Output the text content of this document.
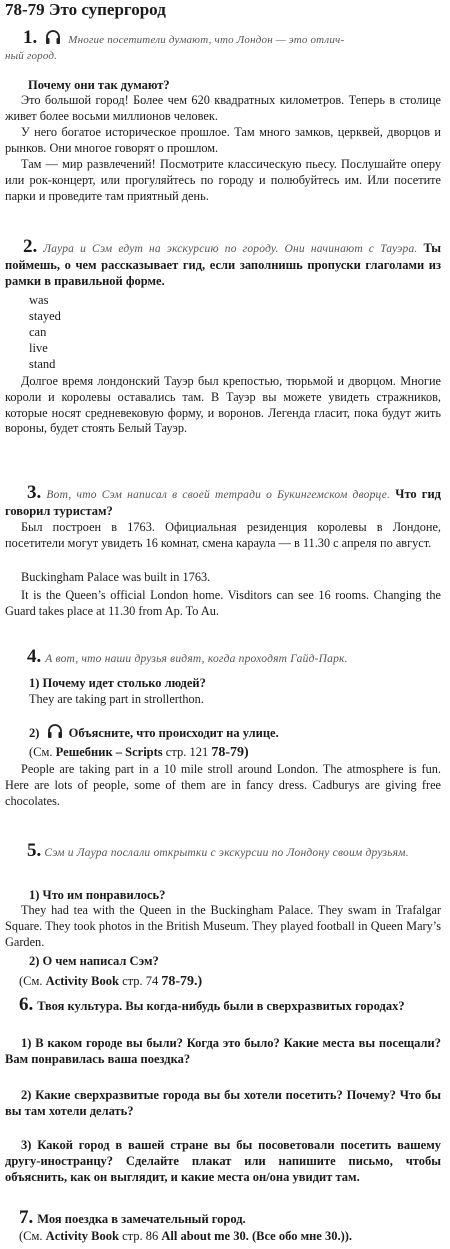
78-79 Это супергород
1.	Многие посетители думают, что Лондон — это отлич-
ный город.
Почему они так думают?
Это большой город! Более чем 620 квадратных километров. Теперь в столице живет более восьми миллионов человек.
У него богатое историческое прошлое. Там много замков, церквей, дворцов и рынков. Они многое говорят о прошлом.
Там — мир развлечений! Посмотрите классическую пьесу. Послушайте оперу или рок-концерт, или прогуляйтесь по городу и полюбуйтесь им. Или посетите парки и проведите там приятный день.
2. Лаура и Сэм едут на экскурсию по городу. Они начинают с Тауэра. Ты поймешь, о чем рассказывает гид, если заполнишь пропуски глаголами из рамки в правильной форме.
was
stayed
can
live
stand
Долгое время лондонский Тауэр был крепостью, тюрьмой и дворцом. Многие короли и королевы оставались там. В Тауэр вы можете увидеть стражников, которые носят средневековую форму, и воронов. Легенда гласит, пока будут жить вороны, будет стоять Белый Тауэр.
3. Вот, что Сэм написал в своей тетради о Букингемском дворце. Что гид говорил туристам?
Был построен в 1763. Официальная резиденция королевы в Лондоне, посетители могут увидеть 16 комнат, смена караула — в 11.30 с апреля по август.
Buckingham Palace was built in 1763.
It is the Queen’s official London home. Visditors can see 16 rooms. Changing the Guard takes place at 11.30 from Ap. To Au.
4. А вот, что наши друзья видят, когда проходят Гайд-Парк.
1) Почему идет столько людей?
They are taking part in strollerthon.
2) Объясните, что происходит на улице.
(См. Решебник – Scripts стр. 121 78-79)
People are taking part in a 10 mile stroll around London. The atmosphere is fun. Here are lots of people, some of them are in fancy dress. Cadburys are giving free chocolates.
5. Сэм и Лаура послали открытки с экскурсии по Лондону своим друзьям.
1) Что им понравилось?
They had tea with the Queen in the Buckingham Palace. They swam in Trafalgar Square. They took photos in the British Museum. They played football in Queen Mary’s Garden.
2) О чем написал Сэм?
(См. Activity Book стр. 74 78-79.)
6. Твоя культура. Вы когда-нибудь были в сверхразвитых городах?
1) В каком городе вы были? Когда это было? Какие места вы посещали? Вам понравилась ваша поездка?
2) Какие сверхразвитые города вы бы хотели посетить? Почему? Что бы вы там хотели делать?
3) Какой город в вашей стране вы бы посоветовали посетить вашему другу-иностранцу? Сделайте плакат или напишите письмо, чтобы объяснить, как он выглядит, и какие места он/она увидит там.
7. Моя поездка в замечательный город.
(См. Activity Book стр. 86 All about me 30. (Все обо мне 30.)).
